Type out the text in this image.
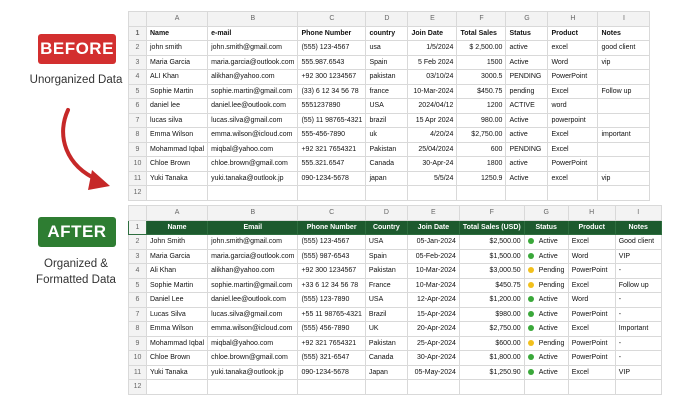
BEFORE
Unorganized Data
AFTER
Organized & Formatted Data
	A	B	C	D	E	F	G	H	I
1	Name	e-mail	Phone Number	country	Join Date	Total Sales	Status	Product	Notes
2	john smith	john.smith@gmail.com	(555) 123-4567	usa	1/5/2024	$ 2,500.00	active	excel	good client
3	Maria Garcia	maria.garcia@outlook.com	555.987.6543	Spain	5 Feb 2024	1500	Active	Word	vip
4	ALI Khan	alikhan@yahoo.com	+92 300 1234567	pakistan	03/10/24	3000.5	PENDING	PowerPoint	
5	Sophie Martin	sophie.martin@gmail.com	(33) 6 12 34 56 78	france	10-Mar-2024	$450.75	pending	Excel	Follow up
6	daniel lee	daniel.lee@outlook.com	5551237890	USA	2024/04/12	1200	ACTIVE	word	
7	lucas silva	lucas.silva@gmail.com	(55) 11 98765-4321	brazil	15 Apr 2024	980.00	Active	powerpoint	
8	Emma Wilson	emma.wilson@icloud.com	555-456-7890	uk	4/20/24	$2,750.00	active	Excel	important
9	Mohammad Iqbal	miqbal@yahoo.com	+92 321 7654321	Pakistan	25/04/2024	600	PENDING	Excel	
10	Chloe Brown	chloe.brown@gmail.com	555.321.6547	Canada	30-Apr-24	1800	active	PowerPoint	
11	Yuki Tanaka	yuki.tanaka@outlook.jp	090-1234-5678	japan	5/5/24	1250.9	Active	excel	vip
12									
	A	B	C	D	E	F	G	H	I
1	Name	Email	Phone Number	Country	Join Date	Total Sales (USD)	Status	Product	Notes
2	John Smith	john.smith@gmail.com	(555) 123-4567	USA	05-Jan-2024	$2,500.00	Active	Excel	Good client
3	Maria Garcia	maria.garcia@outlook.com	(555) 987-6543	Spain	05-Feb-2024	$1,500.00	Active	Word	VIP
4	Ali Khan	alikhan@yahoo.com	+92 300 1234567	Pakistan	10-Mar-2024	$3,000.50	Pending	PowerPoint	-
5	Sophie Martin	sophie.martin@gmail.com	+33 6 12 34 56 78	France	10-Mar-2024	$450.75	Pending	Excel	Follow up
6	Daniel Lee	daniel.lee@outlook.com	(555) 123-7890	USA	12-Apr-2024	$1,200.00	Active	Word	-
7	Lucas Silva	lucas.silva@gmail.com	+55 11 98765-4321	Brazil	15-Apr-2024	$980.00	Active	PowerPoint	-
8	Emma Wilson	emma.wilson@icloud.com	(555) 456-7890	UK	20-Apr-2024	$2,750.00	Active	Excel	Important
9	Mohammad Iqbal	miqbal@yahoo.com	+92 321 7654321	Pakistan	25-Apr-2024	$600.00	Pending	PowerPoint	-
10	Chloe Brown	chloe.brown@gmail.com	(555) 321-6547	Canada	30-Apr-2024	$1,800.00	Active	PowerPoint	-
11	Yuki Tanaka	yuki.tanaka@outlook.jp	090-1234-5678	Japan	05-May-2024	$1,250.90	Active	Excel	VIP
12									
